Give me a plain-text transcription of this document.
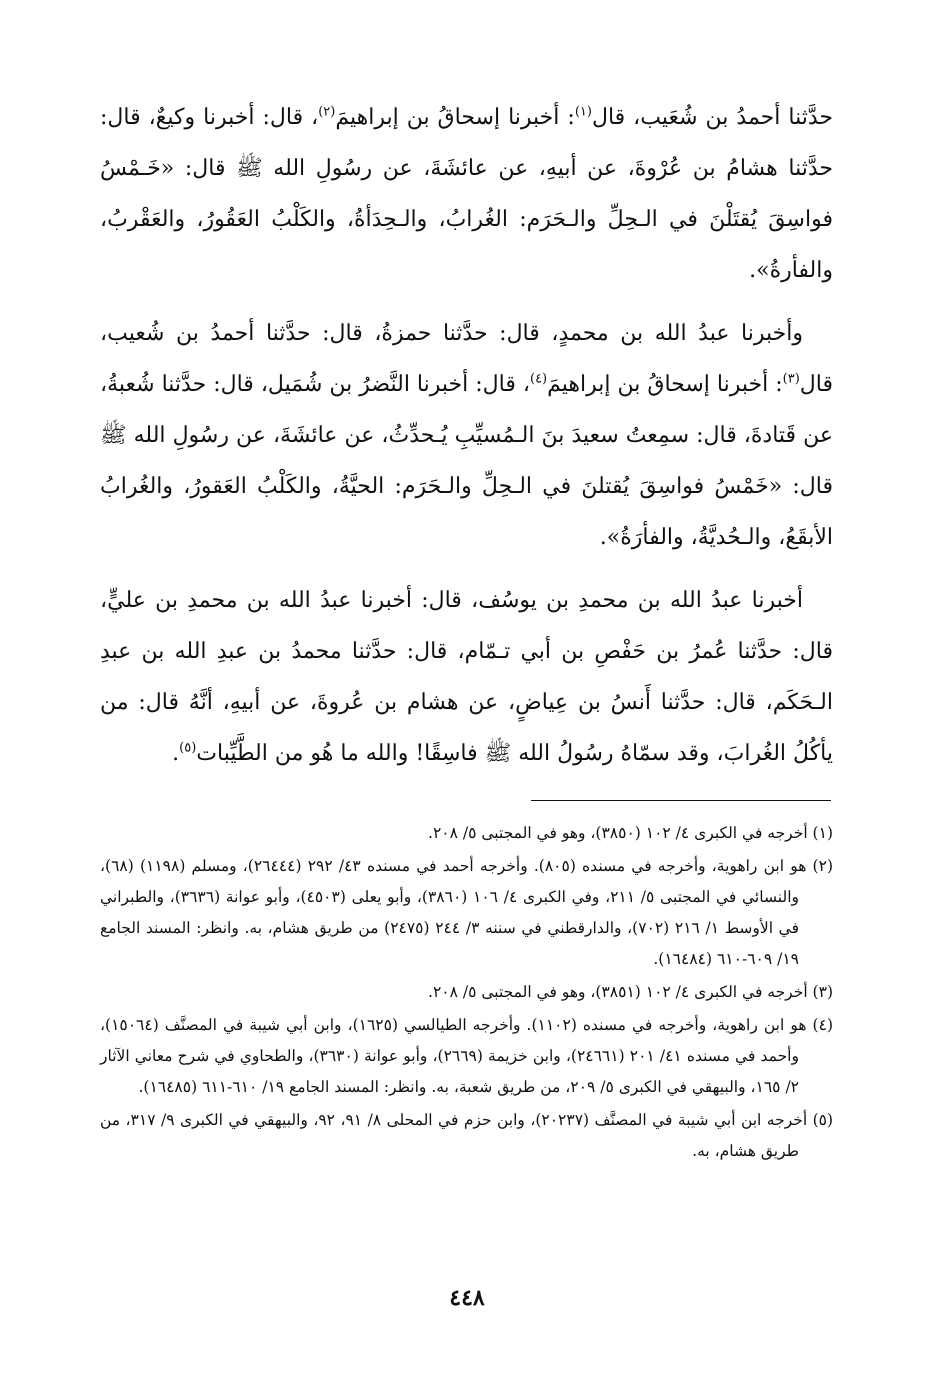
حدَّثنا أحمدُ بن شُعَيب، قال$^{(١)}$: أخبرنا إسحاقُ بن إبراهيمَ$^{(٢)}$، قال: أخبرنا وكيعٌ، قال: حدَّثنا هشامُ بن عُرْوةَ، عن أبيهِ، عن عائشَةَ، عن رسُولِ الله ﷺ قال: «خَـمْسُ فواسِقَ يُقتَلْنَ في الـحِلِّ والـحَرَم: الغُرابُ، والـحِدَأةُ، والكَلْبُ العَقُورُ، والعَقْربُ، والفأرةُ».

وأخبرنا عبدُ الله بن محمدٍ، قال: حدَّثنا حمزةُ، قال: حدَّثنا أحمدُ بن شُعيب، قال$^{(٣)}$: أخبرنا إسحاقُ بن إبراهيمَ$^{(٤)}$، قال: أخبرنا النَّضرُ بن شُمَيل، قال: حدَّثنا شُعبةُ، عن قَتادةَ، قال: سمِعتُ سعيدَ بنَ الـمُسيِّبِ يُـحدِّثُ، عن عائشَةَ، عن رسُولِ الله ﷺ قال: «خَمْسُ فواسِقَ يُقتلنَ في الـحِلِّ والـحَرَم: الحيَّةُ، والكَلْبُ العَقورُ، والغُرابُ الأبقَعُ، والـحُديَّةُ، والفأرَةُ».

أخبرنا عبدُ الله بن محمدِ بن يوسُف، قال: أخبرنا عبدُ الله بن محمدِ بن عليٍّ، قال: حدَّثنا عُمرُ بن حَفْصِ بن أبي تـمّام، قال: حدَّثنا محمدُ بن عبدِ الله بن عبدِ الـحَكَم، قال: حدَّثنا أَنسُ بن عِياضٍ، عن هشام بن عُروةَ، عن أبيهِ، أنَّهُ قال: من يأكُلُ الغُرابَ، وقد سمّاهُ رسُولُ الله ﷺ فاسِقًا! والله ما هُو من الطَّيِّبات$^{(٥)}$.

(١) أخرجه في الكبرى ٤/ ١٠٢ (٣٨٥٠)، وهو في المجتبى ٥/ ٢٠٨.

(٢) هو ابن راهوية، وأخرجه في مسنده (٨٠٥). وأخرجه أحمد في مسنده ٤٣/ ٢٩٢ (٢٦٤٤٤)، ومسلم (١١٩٨) (٦٨)، والنسائي في المجتبى ٥/ ٢١١، وفي الكبرى ٤/ ١٠٦ (٣٨٦٠)، وأبو يعلى (٤٥٠٣)، وأبو عوانة (٣٦٣٦)، والطبراني في الأوسط ١/ ٢١٦ (٧٠٢)، والدارقطني في سننه ٣/ ٢٤٤ (٢٤٧٥) من طريق هشام، به. وانظر: المسند الجامع ١٩/ ٦٠٩-٦١٠ (١٦٤٨٤).

(٣) أخرجه في الكبرى ٤/ ١٠٢ (٣٨٥١)، وهو في المجتبى ٥/ ٢٠٨.

(٤) هو ابن راهوية، وأخرجه في مسنده (١١٠٢). وأخرجه الطيالسي (١٦٢٥)، وابن أبي شيبة في المصنَّف (١٥٠٦٤)، وأحمد في مسنده ٤١/ ٢٠١ (٢٤٦٦١)، وابن خزيمة (٢٦٦٩)، وأبو عوانة (٣٦٣٠)، والطحاوي في شرح معاني الآثار ٢/ ١٦٥، والبيهقي في الكبرى ٥/ ٢٠٩، من طريق شعبة، به. وانظر: المسند الجامع ١٩/ ٦١٠-٦١١ (١٦٤٨٥).

(٥) أخرجه ابن أبي شيبة في المصنَّف (٢٠٢٣٧)، وابن حزم في المحلى ٨/ ٩١، ٩٢، والبيهقي في الكبرى ٩/ ٣١٧، من طريق هشام، به.

٤٤٨
